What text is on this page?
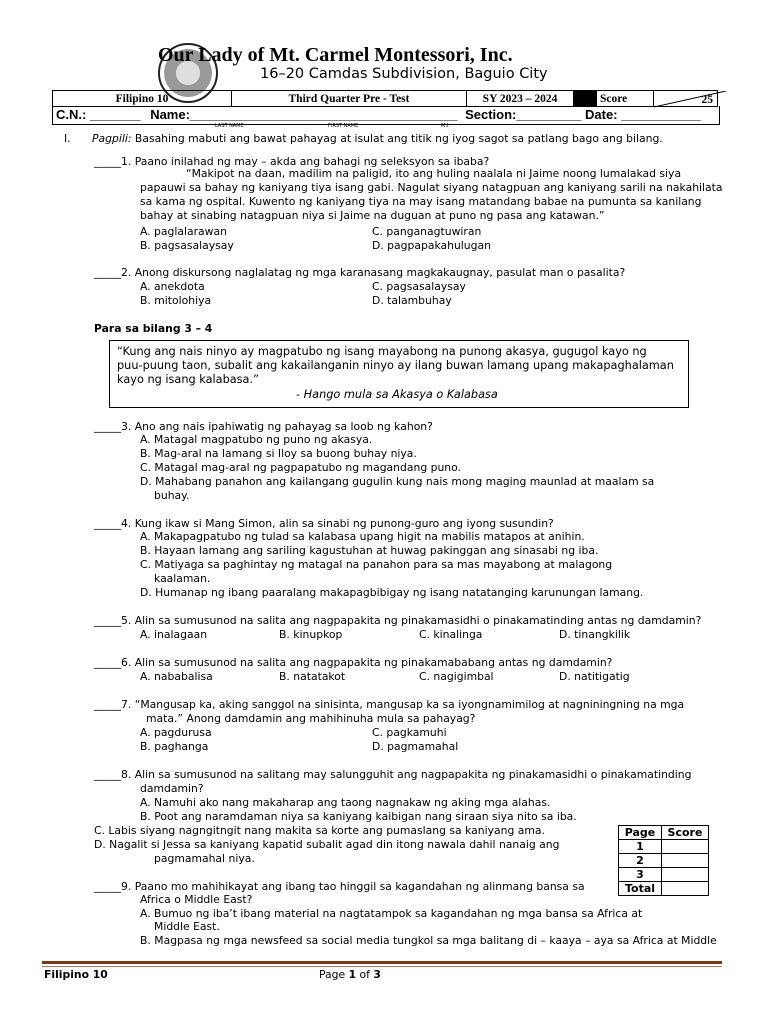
Our Lady of Mt. Carmel Montessori, Inc.
16–20 Camdas Subdivision, Baguio City
Filipino 10	Third Quarter Pre - Test	SY 2023 – 2024		Score	25
C.N.: _______ Name:_____________________________________ Section:_________ Date: ___________
LAST NAME	FIRST NAME	M.I.
I. Pagpili: Basahing mabuti ang bawat pahayag at isulat ang titik ng iyog sagot sa patlang bago ang bilang.
_____1. Paano inilahad ng may – akda ang bahagi ng seleksyon sa ibaba?
“Makipot na daan, madilim na paligid, ito ang huling naalala ni Jaime noong lumalakad siya
papauwi sa bahay ng kaniyang tiya isang gabi. Nagulat siyang natagpuan ang kaniyang sarili na nakahilata
sa kama ng ospital. Kuwento ng kaniyang tiya na may isang matandang babae na pumunta sa kanilang
bahay at sinabing natagpuan niya si Jaime na duguan at puno ng pasa ang katawan.”
A. paglalarawan	C. panganagtuwiran
B. pagsasalaysay	D. pagpapakahulugan
_____2. Anong diskursong naglalatag ng mga karanasang magkakaugnay, pasulat man o pasalita?
A. anekdota	C. pagsasalaysay
B. mitolohiya	D. talambuhay
Para sa bilang 3 – 4
“Kung ang nais ninyo ay magpatubo ng isang mayabong na punong akasya, gugugol kayo ng
puu-puung taon, subalit ang kakailanganin ninyo ay ilang buwan lamang upang makapaghalaman
kayo ng isang kalabasa.”
- Hango mula sa Akasya o Kalabasa
_____3. Ano ang nais ipahiwatig ng pahayag sa loob ng kahon?
A. Matagal magpatubo ng puno ng akasya.
B. Mag-aral na lamang si Iloy sa buong buhay niya.
C. Matagal mag-aral ng pagpapatubo ng magandang puno.
D. Mahabang panahon ang kailangang gugulin kung nais mong maging maunlad at maalam sa
buhay.
_____4. Kung ikaw si Mang Simon, alin sa sinabi ng punong-guro ang iyong susundin?
A. Makapagpatubo ng tulad sa kalabasa upang higit na mabilis matapos at anihin.
B. Hayaan lamang ang sariling kagustuhan at huwag pakinggan ang sinasabi ng iba.
C. Matiyaga sa paghintay ng matagal na panahon para sa mas mayabong at malagong
kaalaman.
D. Humanap ng ibang paaralang makapagbibigay ng isang natatanging karunungan lamang.
_____5. Alin sa sumusunod na salita ang nagpapakita ng pinakamasidhi o pinakamatinding antas ng damdamin?
A. inalagaan	B. kinupkop	C. kinalinga	D. tinangkilik
_____6. Alin sa sumusunod na salita ang nagpapakita ng pinakamababang antas ng damdamin?
A. nababalisa	B. natatakot	C. nagigimbal	D. natitigatig
_____7. “Mangusap ka, aking sanggol na sinisinta, mangusap ka sa iyongnamimilog at nagniningning na mga
mata.” Anong damdamin ang mahihinuha mula sa pahayag?
A. pagdurusa	C. pagkamuhi
B. paghanga	D. pagmamahal
_____8. Alin sa sumusunod na salitang may salungguhit ang nagpapakita ng pinakamasidhi o pinakamatinding
damdamin?
A. Namuhi ako nang makaharap ang taong nagnakaw ng aking mga alahas.
B. Poot ang naramdaman niya sa kaniyang kaibigan nang siraan siya nito sa iba.
C. Labis siyang nagngitngit nang makita sa korte ang pumaslang sa kaniyang ama.
D. Nagalit si Jessa sa kaniyang kapatid subalit agad din itong nawala dahil nanaig ang
pagmamahal niya.
Page	Score
1	
2	
3	
Total	
_____9. Paano mo mahihikayat ang ibang tao hinggil sa kagandahan ng alinmang bansa sa
Africa o Middle East?
A. Bumuo ng iba’t ibang material na nagtatampok sa kagandahan ng mga bansa sa Africa at
Middle East.
B. Magpasa ng mga newsfeed sa social media tungkol sa mga balitang di – kaaya – aya sa Africa at Middle
Filipino 10	Page 1 of 3
